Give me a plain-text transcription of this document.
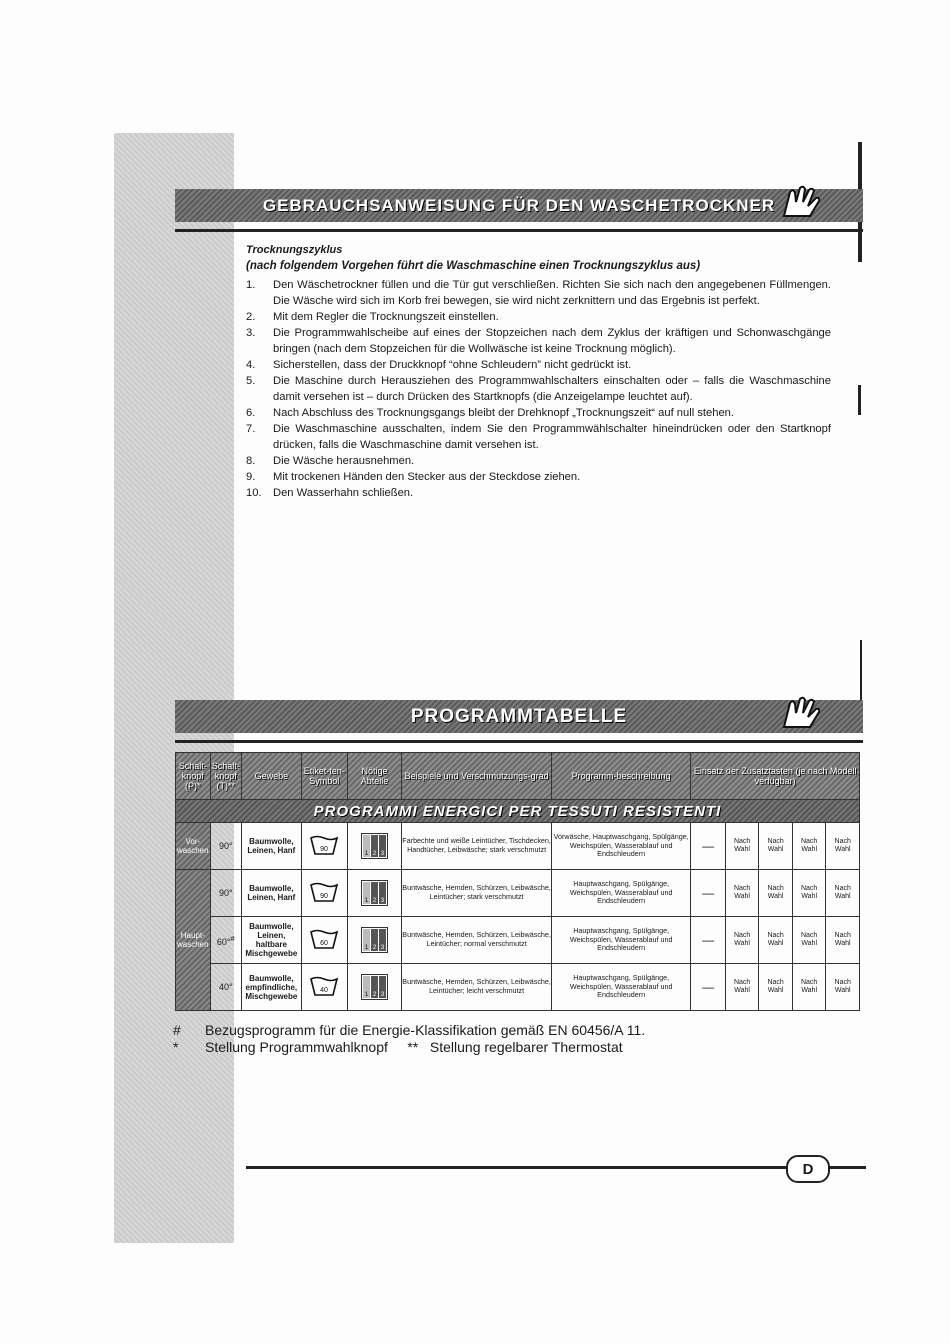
GEBRAUCHSANWEISUNG FÜR DEN WASCHETROCKNER
Trocknungszyklus
(nach folgendem Vorgehen führt die Waschmaschine einen Trocknungszyklus aus)
1.	Den Wäschetrockner füllen und die Tür gut verschließen. Richten Sie sich nach den angegebenen Füllmengen. Die Wäsche wird sich im Korb frei bewegen, sie wird nicht zerknittern und das Ergebnis ist perfekt.
2.	Mit dem Regler die Trocknungszeit einstellen.
3.	Die Programmwahlscheibe auf eines der Stopzeichen nach dem Zyklus der kräftigen und Schonwaschgänge bringen (nach dem Stopzeichen für die Wollwäsche ist keine Trocknung möglich).
4.	Sicherstellen, dass der Druckknopf “ohne Schleudern” nicht gedrückt ist.
5.	Die Maschine durch Herausziehen des Programmwahlschalters einschalten oder – falls die Waschmaschine damit versehen ist – durch Drücken des Startknopfs (die Anzeigelampe leuchtet auf).
6.	Nach Abschluss des Trocknungsgangs bleibt der Drehknopf „Trocknungszeit“ auf null stehen.
7.	Die Waschmaschine ausschalten, indem Sie den Programmwählschalter hineindrücken oder den Startknopf drücken, falls die Waschmaschine damit versehen ist.
8.	Die Wäsche herausnehmen.
9.	Mit trockenen Händen den Stecker aus der Steckdose ziehen.
10.	Den Wasserhahn schließen.
PROGRAMMTABELLE
Schalt-knopf (P)*	Schalt-knopf (T)**	Gewebe	Etiket-ten-Symbol	Nötige Abteile	Beispiele und Verschmutzungs-grad	Programm-beschreibung	Einsatz der Zusatztasten (je nach Modell verfügbar)				
PROGRAMMI ENERGICI PER TESSUTI RESISTENTI											
Vor-waschen	90°	Baumwolle, Leinen, Hanf	90	1 2 3	Farbechte und weiße Leintücher, Tischdecken, Handtücher, Leibwäsche; stark verschmutzt	Vorwäsche, Hauptwaschgang, Spülgänge, Weichspülen, Wasserablauf und Endschleudern	—	Nach Wahl	Nach Wahl	Nach Wahl	Nach Wahl
Haupt-waschen	90°	Baumwolle, Leinen, Hanf	90	1 2 3	Buntwäsche, Hemden, Schürzen, Leibwäsche, Leintücher; stark verschmutzt	Hauptwaschgang, Spülgänge, Weichspülen, Wasserablauf und Endschleudern	—	Nach Wahl	Nach Wahl	Nach Wahl	Nach Wahl
	60°#	Baumwolle, Leinen, haltbare Mischgewebe	60	1 2 3	Buntwäsche, Hemden, Schürzen, Leibwäsche, Leintücher; normal verschmutzt	Hauptwaschgang, Spülgänge, Weichspülen, Wasserablauf und Endschleudern	—	Nach Wahl	Nach Wahl	Nach Wahl	Nach Wahl
	40°	Baumwolle, empfindliche, Mischgewebe	40	1 2 3	Buntwäsche, Hemden, Schürzen, Leibwäsche, Leintücher; leicht verschmutzt	Hauptwaschgang, Spülgänge, Weichspülen, Wasserablauf und Endschleudern	—	Nach Wahl	Nach Wahl	Nach Wahl	Nach Wahl
#	Bezugsprogramm für die Energie-Klassifikation gemäß EN 60456/A 11.
*	Stellung Programmwahlknopf     **   Stellung regelbarer Thermostat
D
